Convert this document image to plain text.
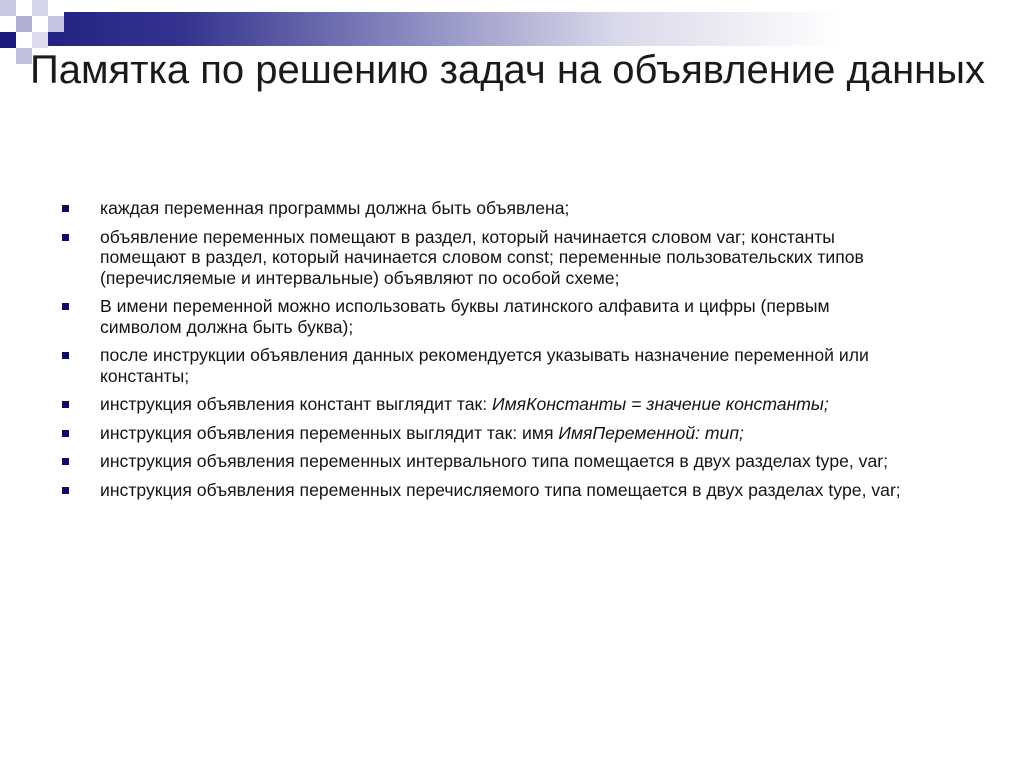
Памятка по решению задач на объявление данных
каждая переменная программы должна быть объявлена;
объявление переменных помещают в раздел, который начинается словом var; константы помещают в раздел, который начинается словом const; переменные пользовательских типов (перечисляемые и интервальные) объявляют по особой схеме;
В имени переменной можно использовать буквы латинского алфавита и цифры (первым символом должна быть буква);
после инструкции объявления данных рекомендуется указывать назначение переменной или константы;
инструкция объявления констант выглядит так: ИмяКонстанты = значение константы;
инструкция объявления переменных выглядит так: имя ИмяПеременной: тип;
инструкция объявления переменных интервального типа помещается в двух разделах type, var;
инструкция объявления переменных перечисляемого типа помещается в двух разделах type, var;
